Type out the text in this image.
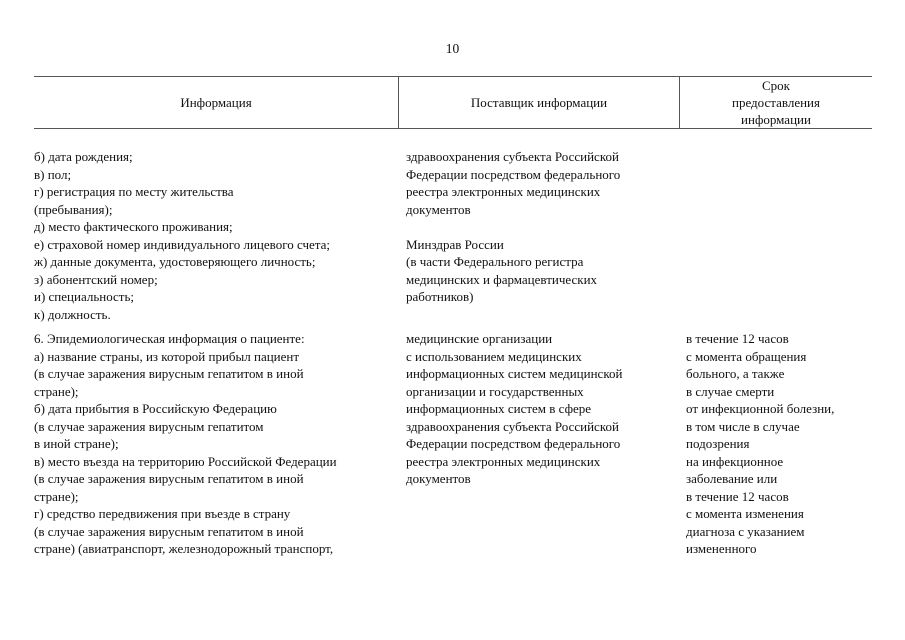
10
Информация	Поставщик информации
Срок
предоставления
информации
б) дата рождения;
в) пол;
г) регистрация по месту жительства
(пребывания);
д) место фактического проживания;
е) страховой номер индивидуального лицевого счета;
ж) данные документа, удостоверяющего личность;
з) абонентский номер;
и) специальность;
к) должность.
здравоохранения субъекта Российской
Федерации посредством федерального
реестра электронных медицинских
документов
Минздрав России
(в части Федерального регистра
медицинских и фармацевтических
работников)
6. Эпидемиологическая информация о пациенте:
а) название страны, из которой прибыл пациент
(в случае заражения вирусным гепатитом в иной
стране);
б) дата прибытия в Российскую Федерацию
(в случае заражения вирусным гепатитом
в иной стране);
в) место въезда на территорию Российской Федерации
(в случае заражения вирусным гепатитом в иной
стране);
г) средство передвижения при въезде в страну
(в случае заражения вирусным гепатитом в иной
стране) (авиатранспорт, железнодорожный транспорт,
медицинские организации
с использованием медицинских
информационных систем медицинской
организации и государственных
информационных систем в сфере
здравоохранения субъекта Российской
Федерации посредством федерального
реестра электронных медицинских
документов
в течение 12 часов
с момента обращения
больного, а также
в случае смерти
от инфекционной болезни,
в том числе в случае
подозрения
на инфекционное
заболевание или
в течение 12 часов
с момента изменения
диагноза с указанием
измененного
